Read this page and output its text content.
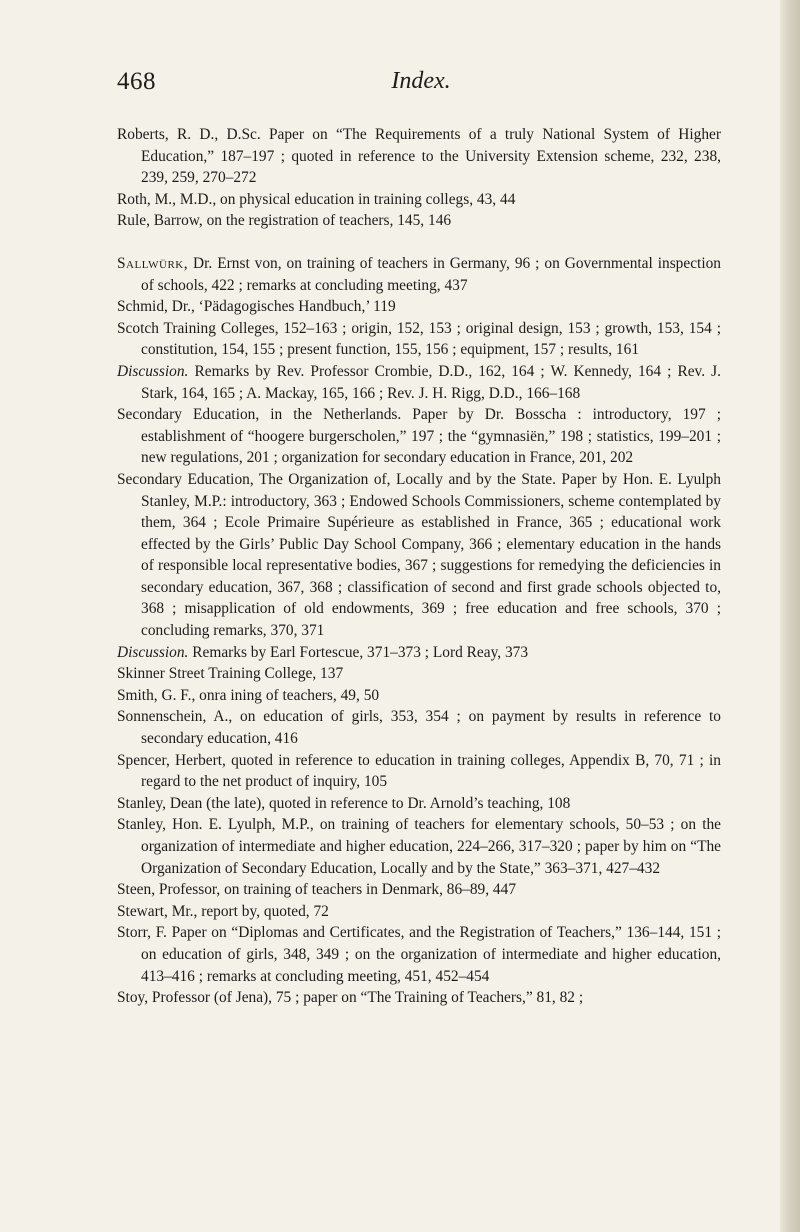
468	Index.

Roberts, R. D., D.Sc. Paper on “The Requirements of a truly National System of Higher Education,” 187–197 ; quoted in reference to the University Extension scheme, 232, 238, 239, 259, 270–272

Roth, M., M.D., on physical education in training collegs, 43, 44

Rule, Barrow, on the registration of teachers, 145, 146

Sallwürk, Dr. Ernst von, on training of teachers in Germany, 96 ; on Governmental inspection of schools, 422 ; remarks at concluding meeting, 437

Schmid, Dr., ‘Pädagogisches Handbuch,’ 119

Scotch Training Colleges, 152–163 ; origin, 152, 153 ; original design, 153 ; growth, 153, 154 ; constitution, 154, 155 ; present function, 155, 156 ; equipment, 157 ; results, 161

Discussion. Remarks by Rev. Professor Crombie, D.D., 162, 164 ; W. Kennedy, 164 ; Rev. J. Stark, 164, 165 ; A. Mackay, 165, 166 ; Rev. J. H. Rigg, D.D., 166–168

Secondary Education, in the Netherlands. Paper by Dr. Bosscha : introductory, 197 ; establishment of “hoogere burgerscholen,” 197 ; the “gymnasiën,” 198 ; statistics, 199–201 ; new regulations, 201 ; organization for secondary education in France, 201, 202

Secondary Education, The Organization of, Locally and by the State. Paper by Hon. E. Lyulph Stanley, M.P.: introductory, 363 ; Endowed Schools Commissioners, scheme contemplated by them, 364 ; Ecole Primaire Supérieure as established in France, 365 ; educational work effected by the Girls’ Public Day School Company, 366 ; elementary education in the hands of responsible local representative bodies, 367 ; suggestions for remedying the deficiencies in secondary education, 367, 368 ; classification of second and first grade schools objected to, 368 ; misapplication of old endowments, 369 ; free education and free schools, 370 ; concluding remarks, 370, 371

Discussion. Remarks by Earl Fortescue, 371–373 ; Lord Reay, 373

Skinner Street Training College, 137

Smith, G. F., onra ining of teachers, 49, 50

Sonnenschein, A., on education of girls, 353, 354 ; on payment by results in reference to secondary education, 416

Spencer, Herbert, quoted in reference to education in training colleges, Appendix B, 70, 71 ; in regard to the net product of inquiry, 105

Stanley, Dean (the late), quoted in reference to Dr. Arnold’s teaching, 108

Stanley, Hon. E. Lyulph, M.P., on training of teachers for elementary schools, 50–53 ; on the organization of intermediate and higher education, 224–266, 317–320 ; paper by him on “The Organization of Secondary Education, Locally and by the State,” 363–371, 427–432

Steen, Professor, on training of teachers in Denmark, 86–89, 447

Stewart, Mr., report by, quoted, 72

Storr, F. Paper on “Diplomas and Certificates, and the Registration of Teachers,” 136–144, 151 ; on education of girls, 348, 349 ; on the organization of intermediate and higher education, 413–416 ; remarks at concluding meeting, 451, 452–454

Stoy, Professor (of Jena), 75 ; paper on “The Training of Teachers,” 81, 82 ;
